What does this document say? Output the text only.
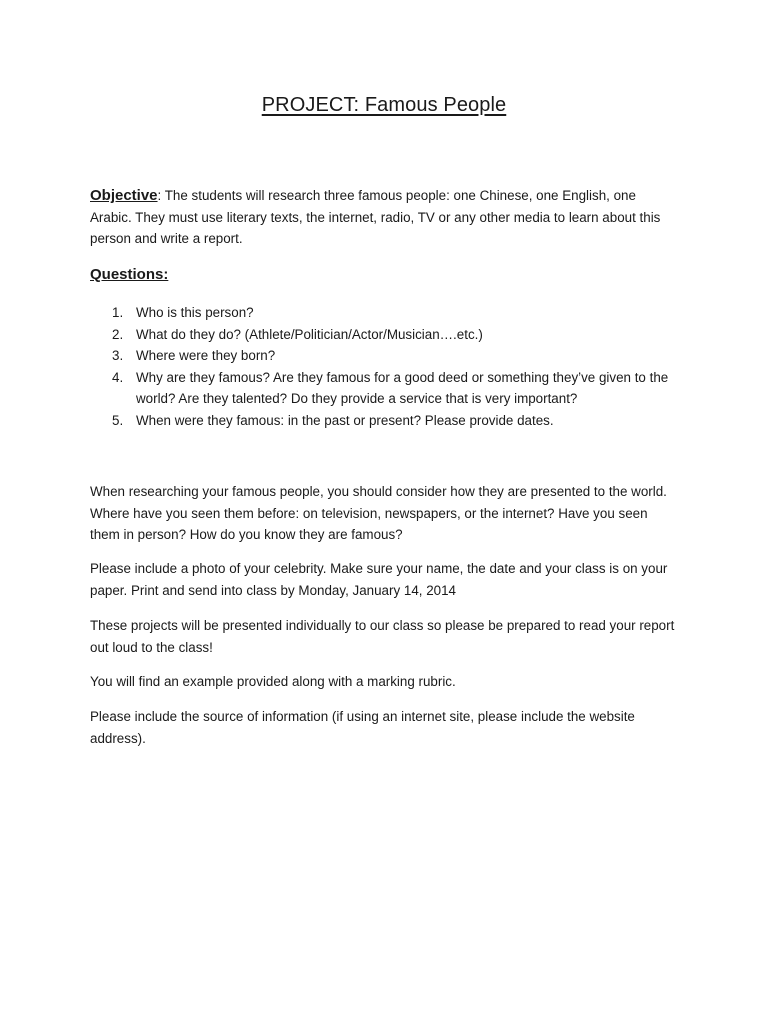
PROJECT: Famous People

Objective: The students will research three famous people: one Chinese, one English, one Arabic. They must use literary texts, the internet, radio, TV or any other media to learn about this person and write a report.

Questions:
1. Who is this person?
2. What do they do? (Athlete/Politician/Actor/Musician….etc.)
3. Where were they born?
4. Why are they famous? Are they famous for a good deed or something they’ve given to the world? Are they talented? Do they provide a service that is very important?
5. When were they famous: in the past or present? Please provide dates.

When researching your famous people, you should consider how they are presented to the world. Where have you seen them before: on television, newspapers, or the internet? Have you seen them in person? How do you know they are famous?

Please include a photo of your celebrity. Make sure your name, the date and your class is on your paper. Print and send into class by Monday, January 14, 2014

These projects will be presented individually to our class so please be prepared to read your report out loud to the class!

You will find an example provided along with a marking rubric.

Please include the source of information (if using an internet site, please include the website address).
